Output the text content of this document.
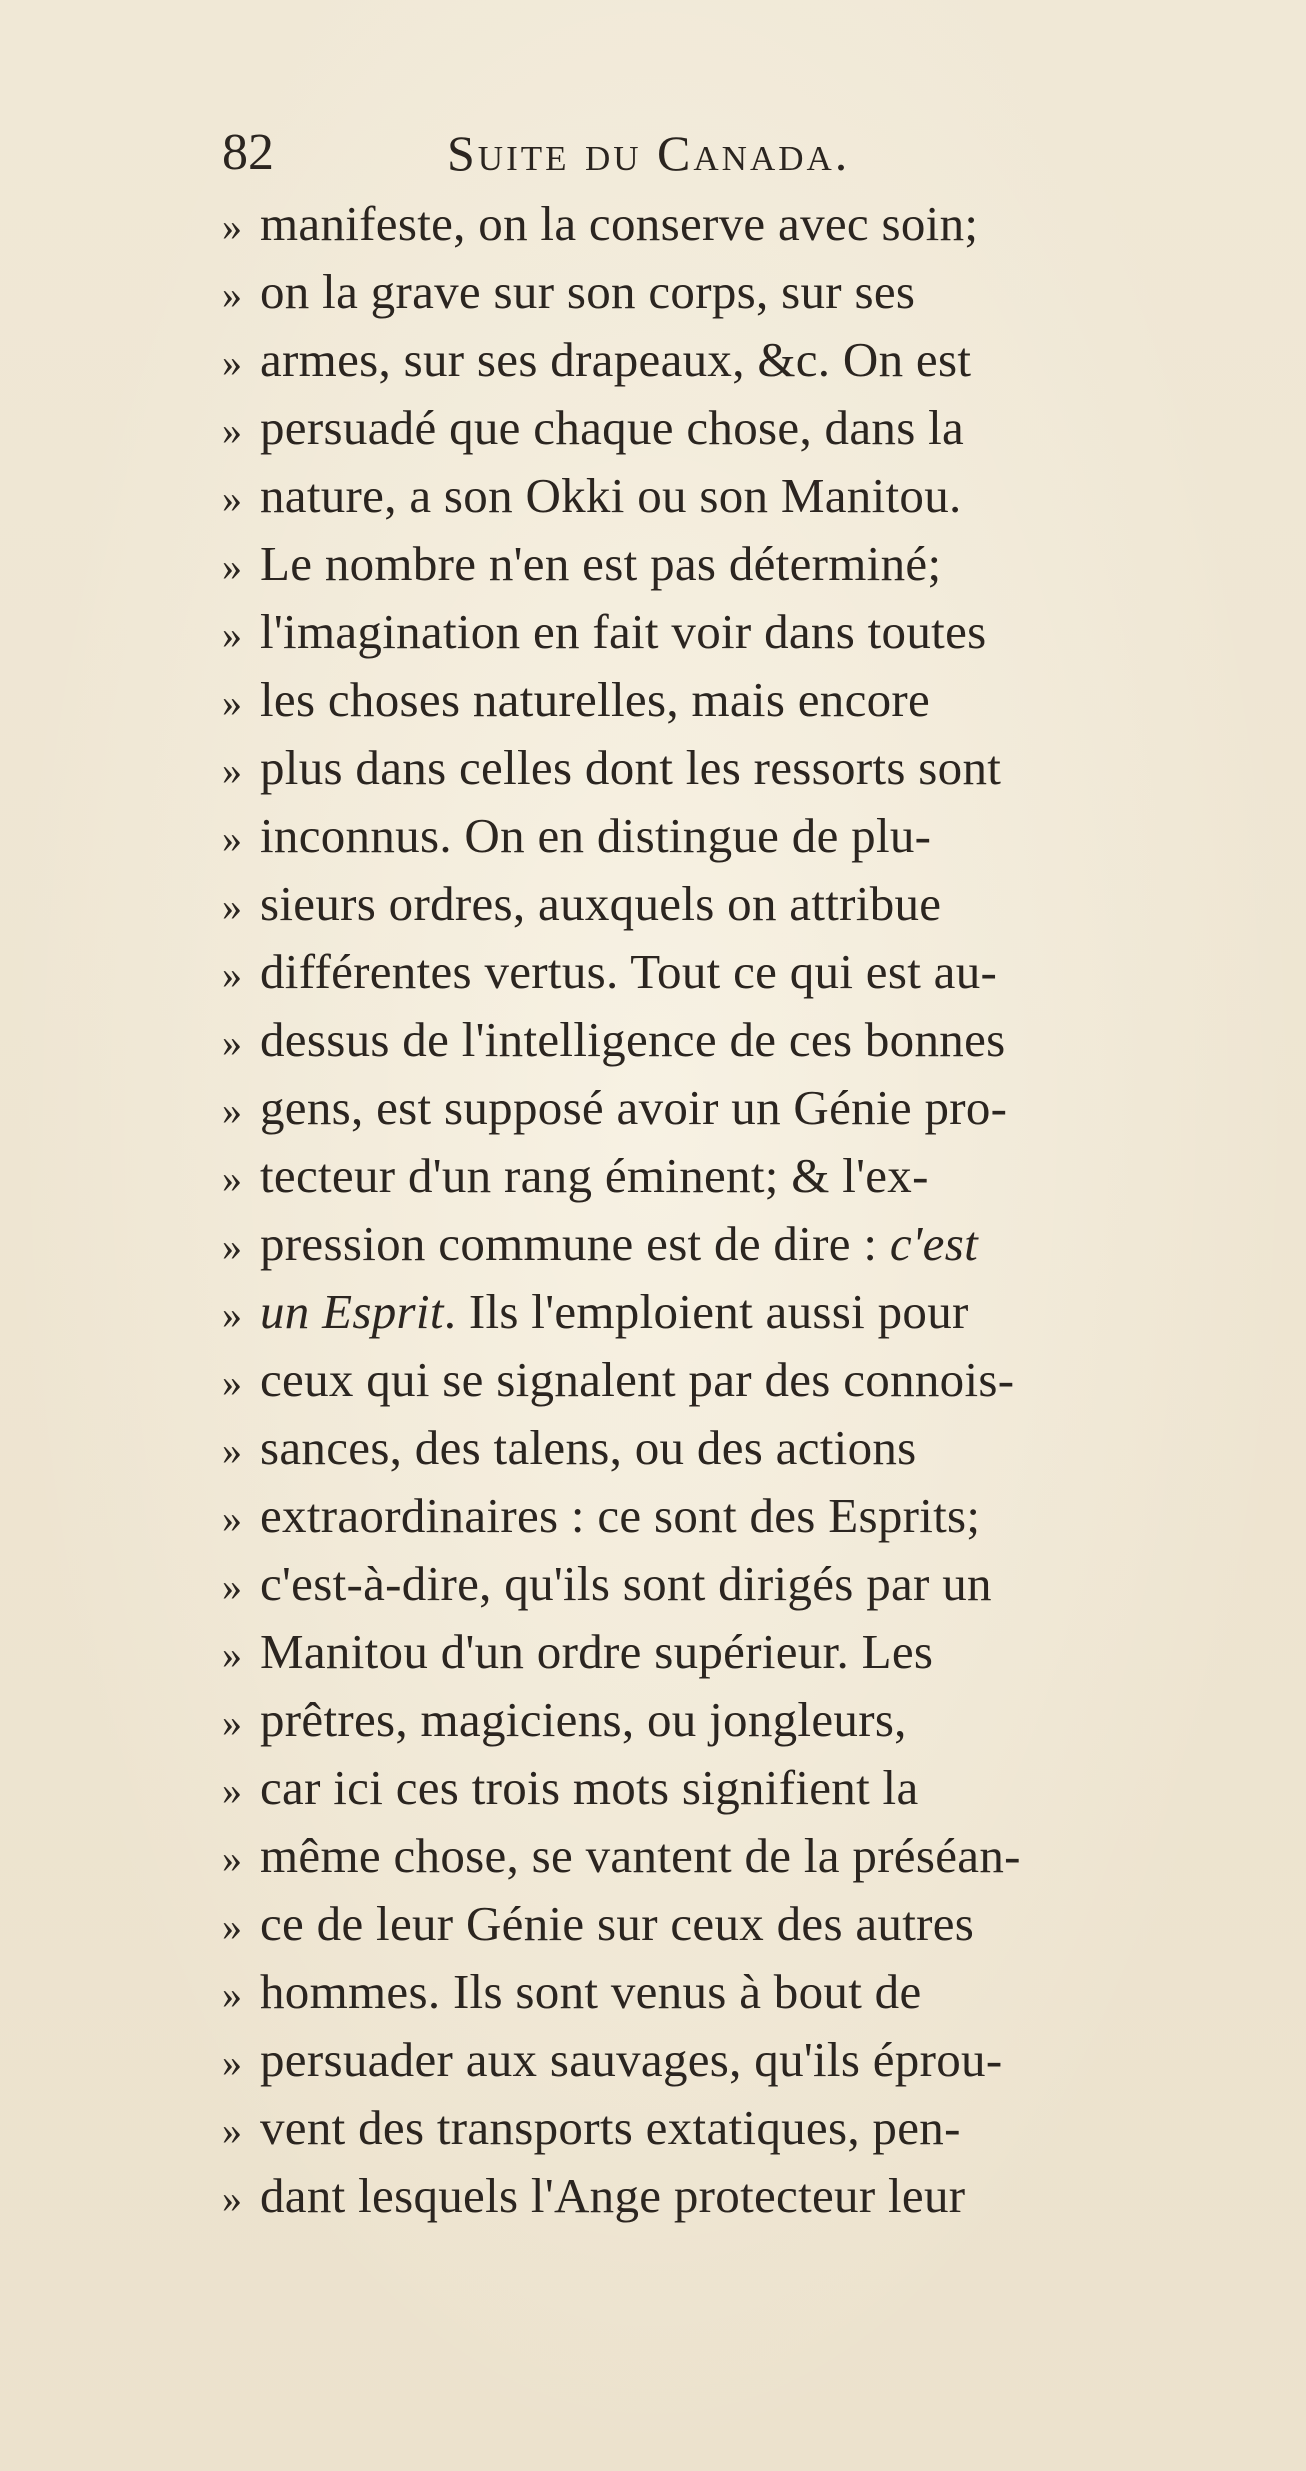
82	Suite du Canada.
» manifeste, on la conserve avec soin;
» on la grave sur son corps, sur ses
» armes, sur ses drapeaux, &c. On est
» persuadé que chaque chose, dans la
» nature, a son Okki ou son Manitou.
» Le nombre n'en est pas déterminé;
» l'imagination en fait voir dans toutes
» les choses naturelles, mais encore
» plus dans celles dont les ressorts sont
» inconnus. On en distingue de plu-
» sieurs ordres, auxquels on attribue
» différentes vertus. Tout ce qui est au-
» dessus de l'intelligence de ces bonnes
» gens, est supposé avoir un Génie pro-
» tecteur d'un rang éminent; & l'ex-
» pression commune est de dire : c'est
» un Esprit. Ils l'emploient aussi pour
» ceux qui se signalent par des connois-
» sances, des talens, ou des actions
» extraordinaires : ce sont des Esprits;
» c'est-à-dire, qu'ils sont dirigés par un
» Manitou d'un ordre supérieur. Les
» prêtres, magiciens, ou jongleurs,
» car ici ces trois mots signifient la
» même chose, se vantent de la préséan-
» ce de leur Génie sur ceux des autres
» hommes. Ils sont venus à bout de
» persuader aux sauvages, qu'ils éprou-
» vent des transports extatiques, pen-
» dant lesquels l'Ange protecteur leur
